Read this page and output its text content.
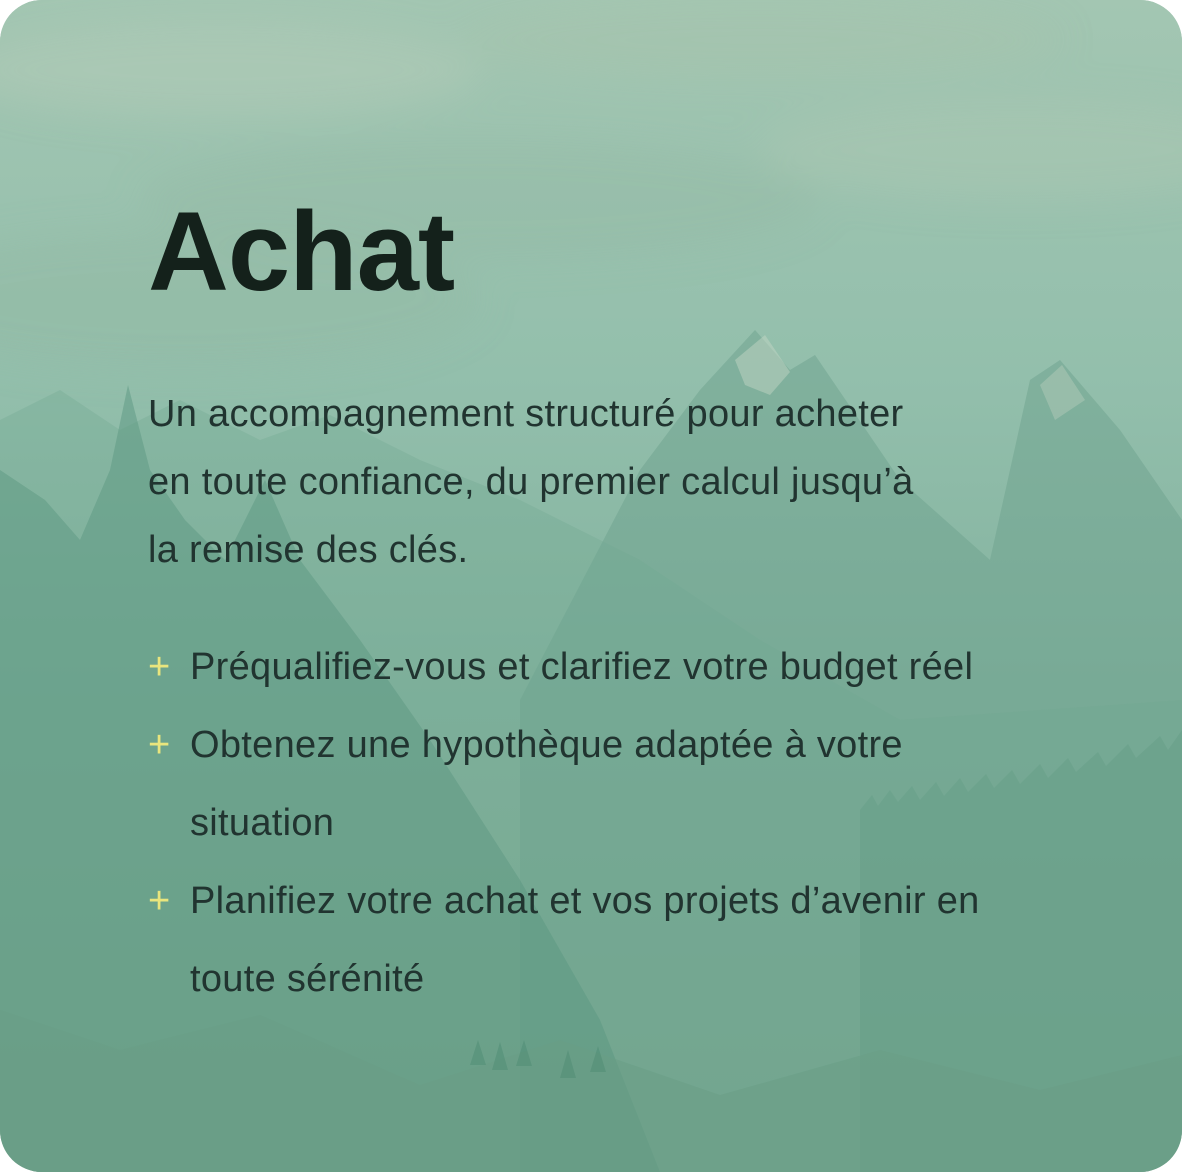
Achat

Un accompagnement structuré pour acheter
en toute confiance, du premier calcul jusqu’à
la remise des clés.

+ Préqualifiez-vous et clarifiez votre budget réel
+ Obtenez une hypothèque adaptée à votre
situation
+ Planifiez votre achat et vos projets d’avenir en
toute sérénité
